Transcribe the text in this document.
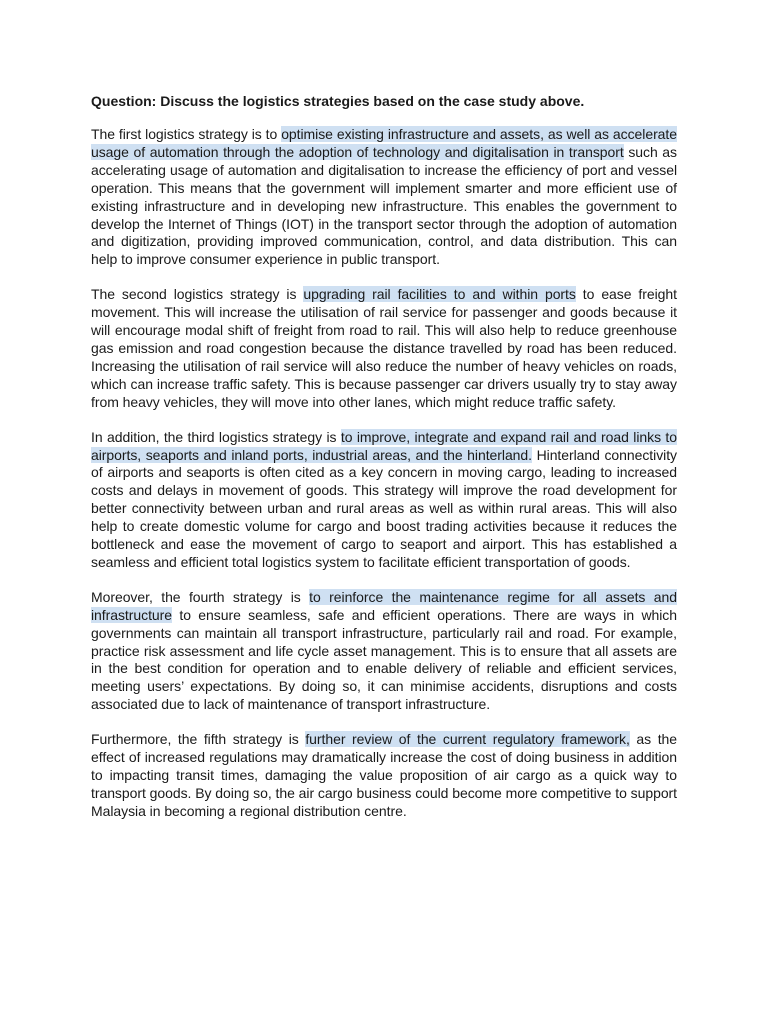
Question: Discuss the logistics strategies based on the case study above.

The first logistics strategy is to optimise existing infrastructure and assets, as well as accelerate usage of automation through the adoption of technology and digitalisation in transport such as accelerating usage of automation and digitalisation to increase the efficiency of port and vessel operation. This means that the government will implement smarter and more efficient use of existing infrastructure and in developing new infrastructure. This enables the government to develop the Internet of Things (IOT) in the transport sector through the adoption of automation and digitization, providing improved communication, control, and data distribution. This can help to improve consumer experience in public transport.

The second logistics strategy is upgrading rail facilities to and within ports to ease freight movement. This will increase the utilisation of rail service for passenger and goods because it will encourage modal shift of freight from road to rail. This will also help to reduce greenhouse gas emission and road congestion because the distance travelled by road has been reduced. Increasing the utilisation of rail service will also reduce the number of heavy vehicles on roads, which can increase traffic safety. This is because passenger car drivers usually try to stay away from heavy vehicles, they will move into other lanes, which might reduce traffic safety.

In addition, the third logistics strategy is to improve, integrate and expand rail and road links to airports, seaports and inland ports, industrial areas, and the hinterland. Hinterland connectivity of airports and seaports is often cited as a key concern in moving cargo, leading to increased costs and delays in movement of goods. This strategy will improve the road development for better connectivity between urban and rural areas as well as within rural areas. This will also help to create domestic volume for cargo and boost trading activities because it reduces the bottleneck and ease the movement of cargo to seaport and airport. This has established a seamless and efficient total logistics system to facilitate efficient transportation of goods.

Moreover, the fourth strategy is to reinforce the maintenance regime for all assets and infrastructure to ensure seamless, safe and efficient operations. There are ways in which governments can maintain all transport infrastructure, particularly rail and road. For example, practice risk assessment and life cycle asset management. This is to ensure that all assets are in the best condition for operation and to enable delivery of reliable and efficient services, meeting users’ expectations. By doing so, it can minimise accidents, disruptions and costs associated due to lack of maintenance of transport infrastructure.

Furthermore, the fifth strategy is further review of the current regulatory framework, as the effect of increased regulations may dramatically increase the cost of doing business in addition to impacting transit times, damaging the value proposition of air cargo as a quick way to transport goods. By doing so, the air cargo business could become more competitive to support Malaysia in becoming a regional distribution centre.
